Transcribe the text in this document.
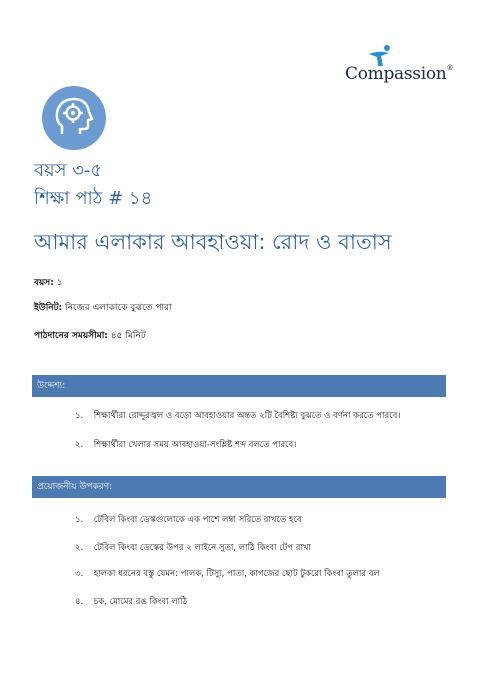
Compassion®
বয়স ৩-৫
শিক্ষা পাঠ # ১৪
আমার এলাকার আবহাওয়া: রোদ ও বাতাস
বয়স: ১
ইউনিট: নিজের এলাকাকে বুঝতে পারা
পাঠদানের সময়সীমা: ৪৫ মিনিট
উদ্দেশ্য:
১. শিক্ষার্থীরা রোদ্দুরজ্বল ও বড়ো আবহাওয়ার অন্তত ২টি বৈশিষ্ট্য বুঝতে ও বর্ণনা করতে পারবে।
২. শিক্ষার্থীরা খেলার সময় আবহাওয়া-সংশ্লিষ্ট শব্দ বলতে পারবে।
প্রয়োজনীয় উপকরণ:
১. টেবিল কিংবা ডেস্কগুলোকে এক পাশে লম্বা সরিতে রাখতে হবে
২. টেবিল কিংবা ডেস্কের উপর ২ লাইনে সুতা, লাঠি কিংবা টেপ রাখা
৩. হালকা ধরনের বস্তু যেমন: পালক, টিস্যু, পাতা, কাগজের ছোট টুকরো কিংবা তুলার বল
৪. চক, মোমের রঙ কিংবা লাঠি
